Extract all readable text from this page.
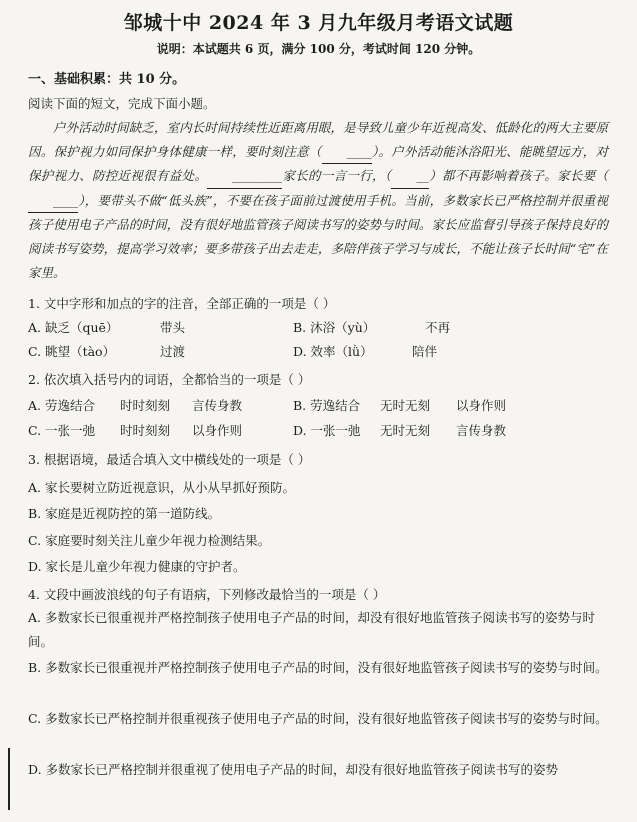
邹城十中 2024 年 3 月九年级月考语文试题
说明：本试题共 6 页，满分 100 分，考试时间 120 分钟。
一、基础积累：共 10 分。
阅读下面的短文，完成下面小题。

户外活动时间缺乏，室内长时间持续性近距离用眼，是导致儿童少年近视高发、低龄化的两大主要原因。保护视力如同保护身体健康一样，要时刻注意（ ____）。户外活动能沐浴阳光、能眺望远方，对保护视力、防控近视很有益处。 ________家长的一言一行，（ __）都不再影响着孩子。家长要（____），要带头不做“低头族”，不要在孩子面前过渡使用手机。当前，多数家长已严格控制并很重视孩子使用电子产品的时间，没有很好地监管孩子阅读书写的姿势与时间。家长应监督引导孩子保持良好的阅读书写姿势，提高学习效率；要多带孩子出去走走，多陪伴孩子学习与成长，不能让孩子长时间“宅”在家里。

1. 文中字形和加点的字的注音，全部正确的一项是（ ）
A. 缺乏（quē）	带头	B. 沐浴（yù）	不再
C. 眺望（tào）	过渡	D. 效率（lǜ）	陪伴
2. 依次填入括号内的词语，全都恰当的一项是（ ）
A. 劳逸结合 时时刻刻 言传身教	B. 劳逸结合 无时无刻 以身作则
C. 一张一弛 时时刻刻 以身作则	D. 一张一弛 无时无刻 言传身教
3. 根据语境，最适合填入文中横线处的一项是（ ）
A. 家长要树立防近视意识，从小从早抓好预防。
B. 家庭是近视防控的第一道防线。
C. 家庭要时刻关注儿童少年视力检测结果。
D. 家长是儿童少年视力健康的守护者。
4. 文段中画波浪线的句子有语病，下列修改最恰当的一项是（ ）
A. 多数家长已很重视并严格控制孩子使用电子产品的时间，却没有很好地监管孩子阅读书写的姿势与时间。
B. 多数家长已很重视并严格控制孩子使用电子产品的时间，没有很好地监管孩子阅读书写的姿势与时间。
C. 多数家长已严格控制并很重视孩子使用电子产品的时间，没有很好地监管孩子阅读书写的姿势与时间。
D. 多数家长已严格控制并很重视了使用电子产品的时间，却没有很好地监管孩子阅读书写的姿势
